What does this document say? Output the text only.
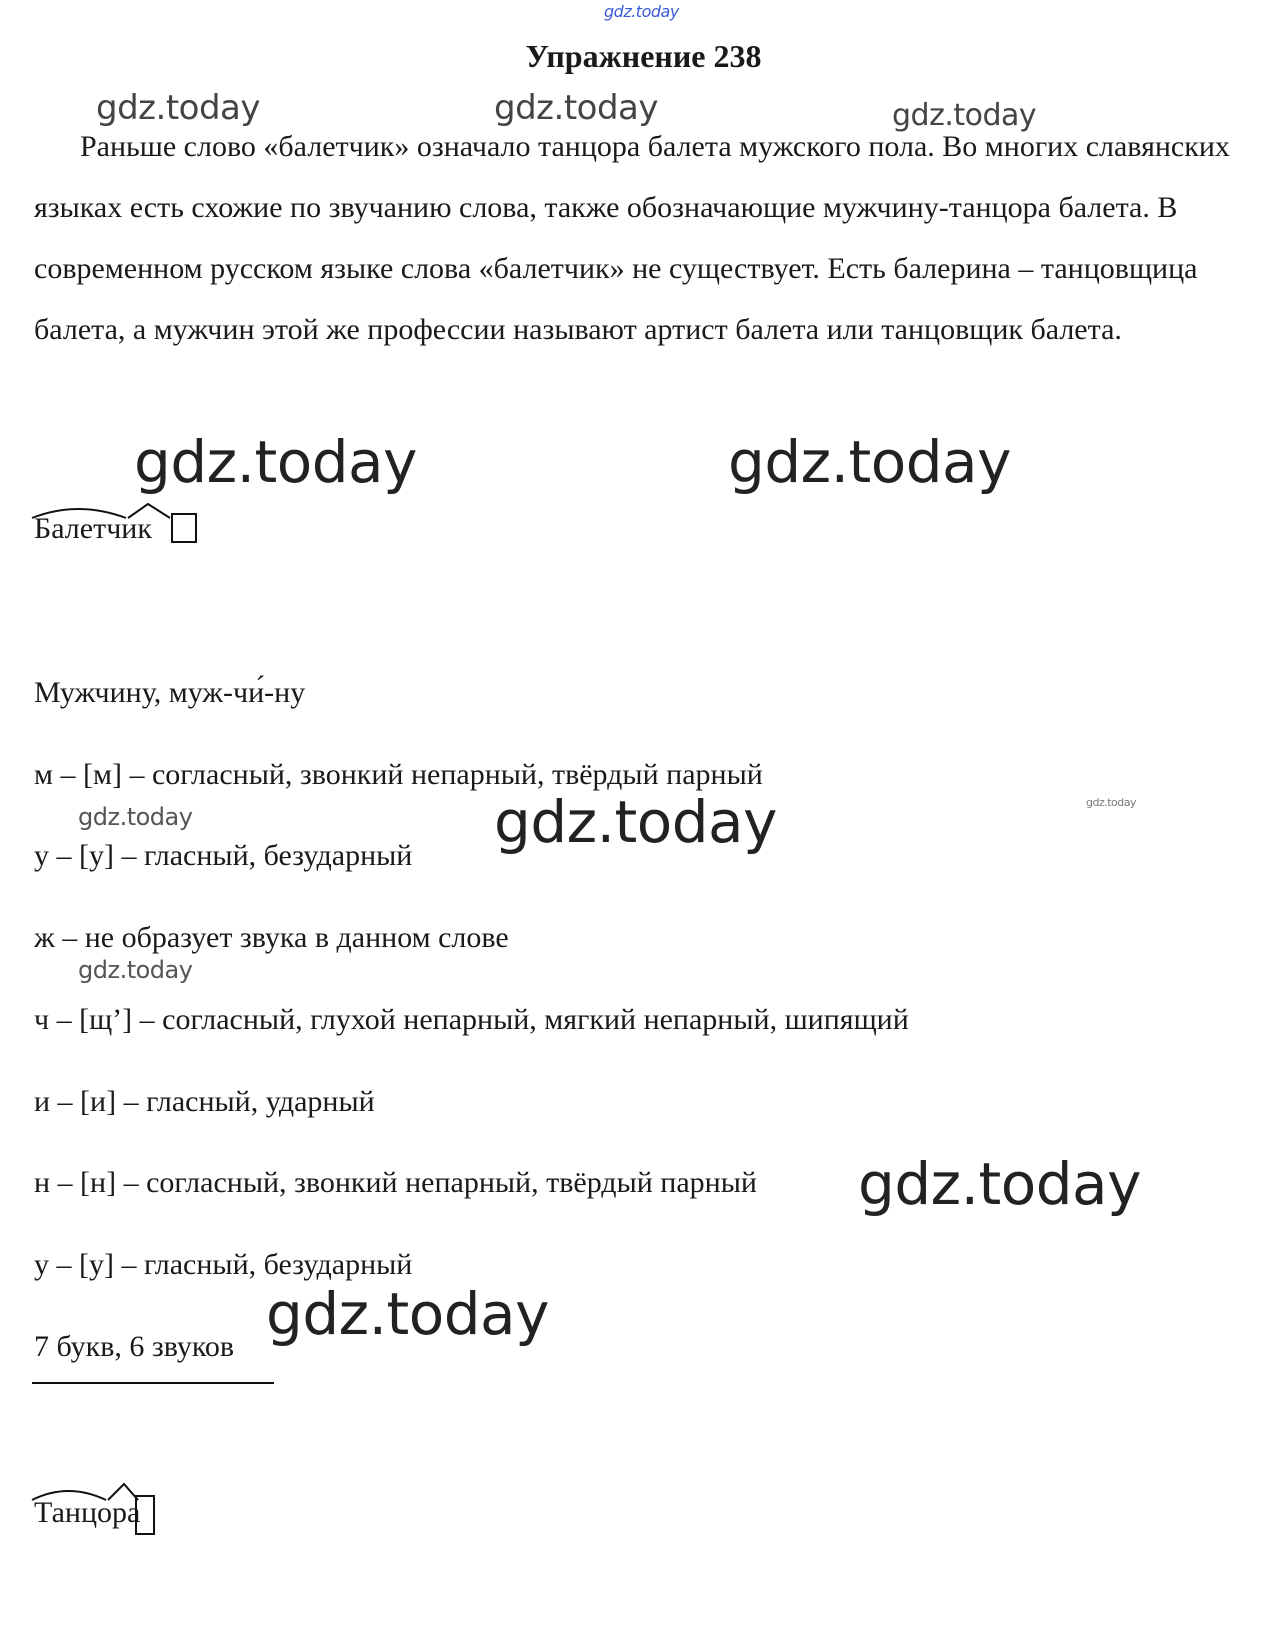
gdz.today
Упражнение 238
Раньше слово «балетчик» означало танцора балета мужского пола. Во многих славянских языках есть схожие по звучанию слова, также обозначающие мужчину-танцора балета. В современном русском языке слова «балетчик» не существует. Есть балерина – танцовщица балета, а мужчин этой же профессии называют артист балета или танцовщик балета.
gdz.today	gdz.today	gdz.today
gdz.today	gdz.today
Балетчик
Мужчину, муж-чи́-ну
м – [м] – согласный, звонкий непарный, твёрдый парный
у – [у] – гласный, безударный
ж – не образует звука в данном слове
ч – [щ’] – согласный, глухой непарный, мягкий непарный, шипящий
и – [и] – гласный, ударный
н – [н] – согласный, звонкий непарный, твёрдый парный
у – [у] – гласный, безударный
7 букв, 6 звуков
gdz.today	gdz.today	gdz.today
gdz.today
gdz.today
gdz.today
Танцора
